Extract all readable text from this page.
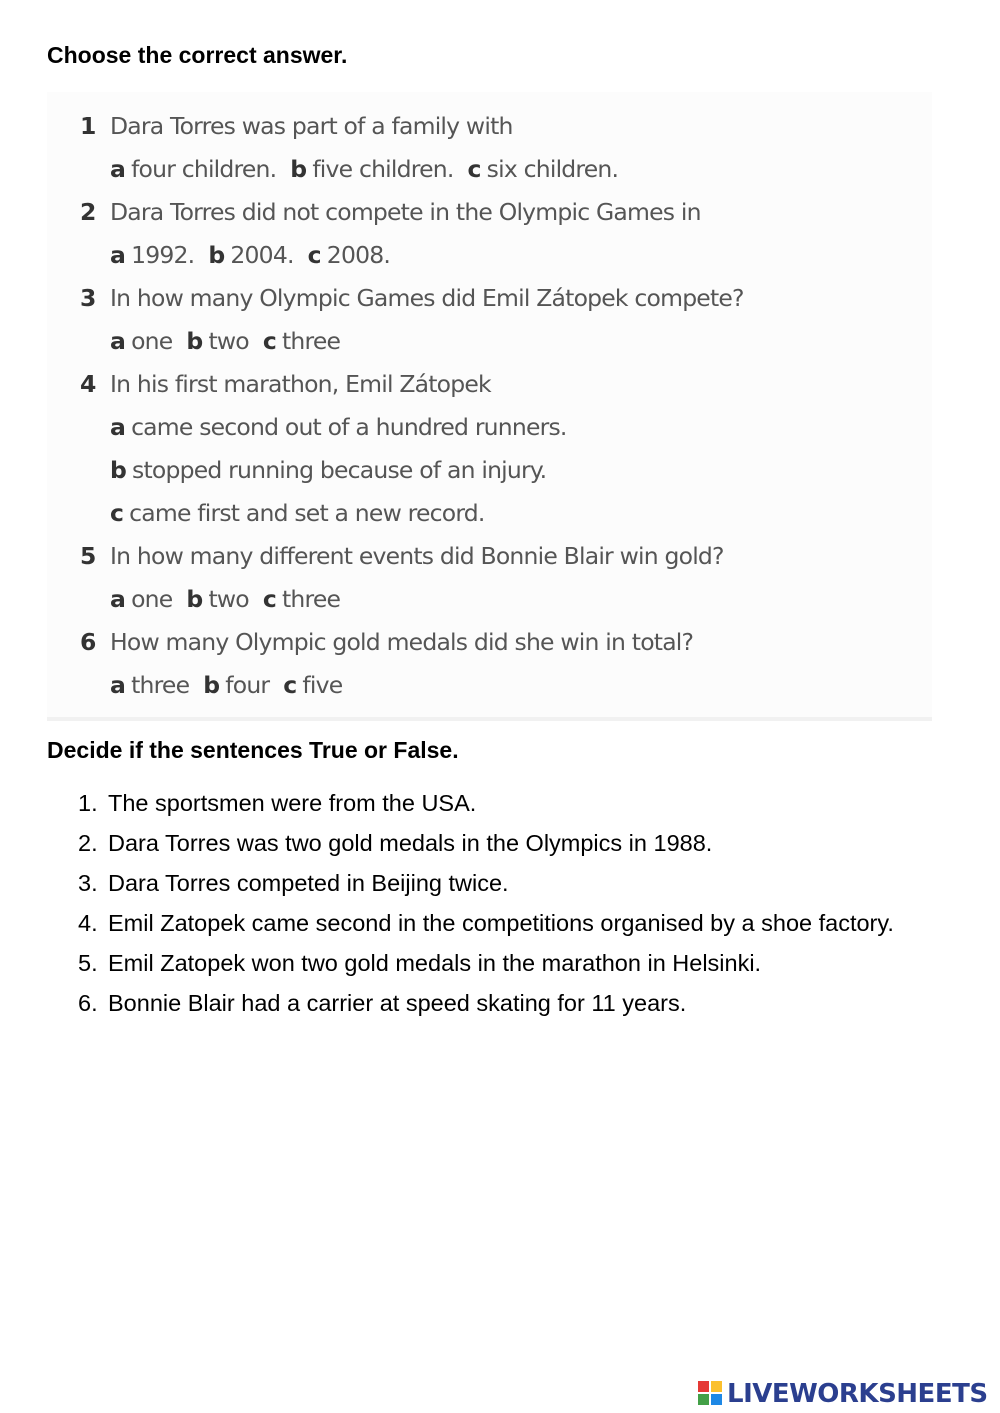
Choose the correct answer.
1 Dara Torres was part of a family with
a four children. b five children. c six children.
2 Dara Torres did not compete in the Olympic Games in
a 1992. b 2004. c 2008.
3 In how many Olympic Games did Emil Zátopek compete?
a one b two c three
4 In his first marathon, Emil Zátopek
a came second out of a hundred runners.
b stopped running because of an injury.
c came first and set a new record.
5 In how many different events did Bonnie Blair win gold?
a one b two c three
6 How many Olympic gold medals did she win in total?
a three b four c five
Decide if the sentences True or False.
1. The sportsmen were from the USA.
2. Dara Torres was two gold medals in the Olympics in 1988.
3. Dara Torres competed in Beijing twice.
4. Emil Zatopek came second in the competitions organised by a shoe factory.
5. Emil Zatopek won two gold medals in the marathon in Helsinki.
6. Bonnie Blair had a carrier at speed skating for 11 years.
LIVEWORKSHEETS
